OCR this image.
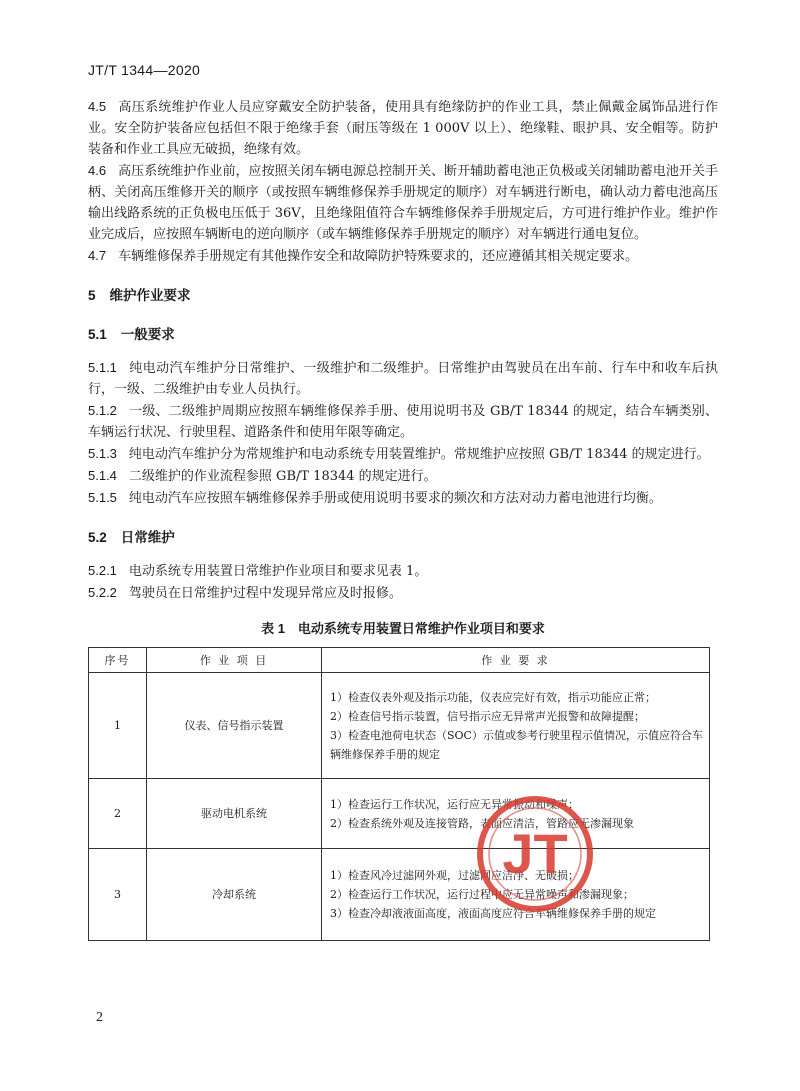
JT/T 1344—2020

4.5 高压系统维护作业人员应穿戴安全防护装备，使用具有绝缘防护的作业工具，禁止佩戴金属饰品进行作业。安全防护装备应包括但不限于绝缘手套（耐压等级在 1 000V 以上）、绝缘鞋、眼护具、安全帽等。防护装备和作业工具应无破损，绝缘有效。

4.6 高压系统维护作业前，应按照关闭车辆电源总控制开关、断开辅助蓄电池正负极或关闭辅助蓄电池开关手柄、关闭高压维修开关的顺序（或按照车辆维修保养手册规定的顺序）对车辆进行断电，确认动力蓄电池高压输出线路系统的正负极电压低于 36V，且绝缘阻值符合车辆维修保养手册规定后，方可进行维护作业。维护作业完成后，应按照车辆断电的逆向顺序（或车辆维修保养手册规定的顺序）对车辆进行通电复位。

4.7 车辆维修保养手册规定有其他操作安全和故障防护特殊要求的，还应遵循其相关规定要求。

5 维护作业要求

5.1 一般要求

5.1.1 纯电动汽车维护分日常维护、一级维护和二级维护。日常维护由驾驶员在出车前、行车中和收车后执行，一级、二级维护由专业人员执行。

5.1.2 一级、二级维护周期应按照车辆维修保养手册、使用说明书及 GB/T 18344 的规定，结合车辆类别、车辆运行状况、行驶里程、道路条件和使用年限等确定。

5.1.3 纯电动汽车维护分为常规维护和电动系统专用装置维护。常规维护应按照 GB/T 18344 的规定进行。

5.1.4 二级维护的作业流程参照 GB/T 18344 的规定进行。

5.1.5 纯电动汽车应按照车辆维修保养手册或使用说明书要求的频次和方法对动力蓄电池进行均衡。

5.2 日常维护

5.2.1 电动系统专用装置日常维护作业项目和要求见表 1。

5.2.2 驾驶员在日常维护过程中发现异常应及时报修。

表 1　电动系统专用装置日常维护作业项目和要求
序号	作 业 项 目	作 业 要 求
1	仪表、信号指示装置	1）检查仪表外观及指示功能，仪表应完好有效，指示功能应正常；
2）检查信号指示装置，信号指示应无异常声光报警和故障提醒；
3）检查电池荷电状态（SOC）示值或参考行驶里程示值情况，示值应符合车辆维修保养手册的规定

2	驱动电机系统	1）检查运行工作状况，运行应无异常振动和噪声；
2）检查系统外观及连接管路，表面应清洁，管路应无渗漏现象

3	冷却系统	1）检查风冷过滤网外观，过滤网应洁净、无破损；
2）检查运行工作状况，运行过程中应无异常噪声和渗漏现象；
3）检查冷却液液面高度，液面高度应符合车辆维修保养手册的规定
JT
2
